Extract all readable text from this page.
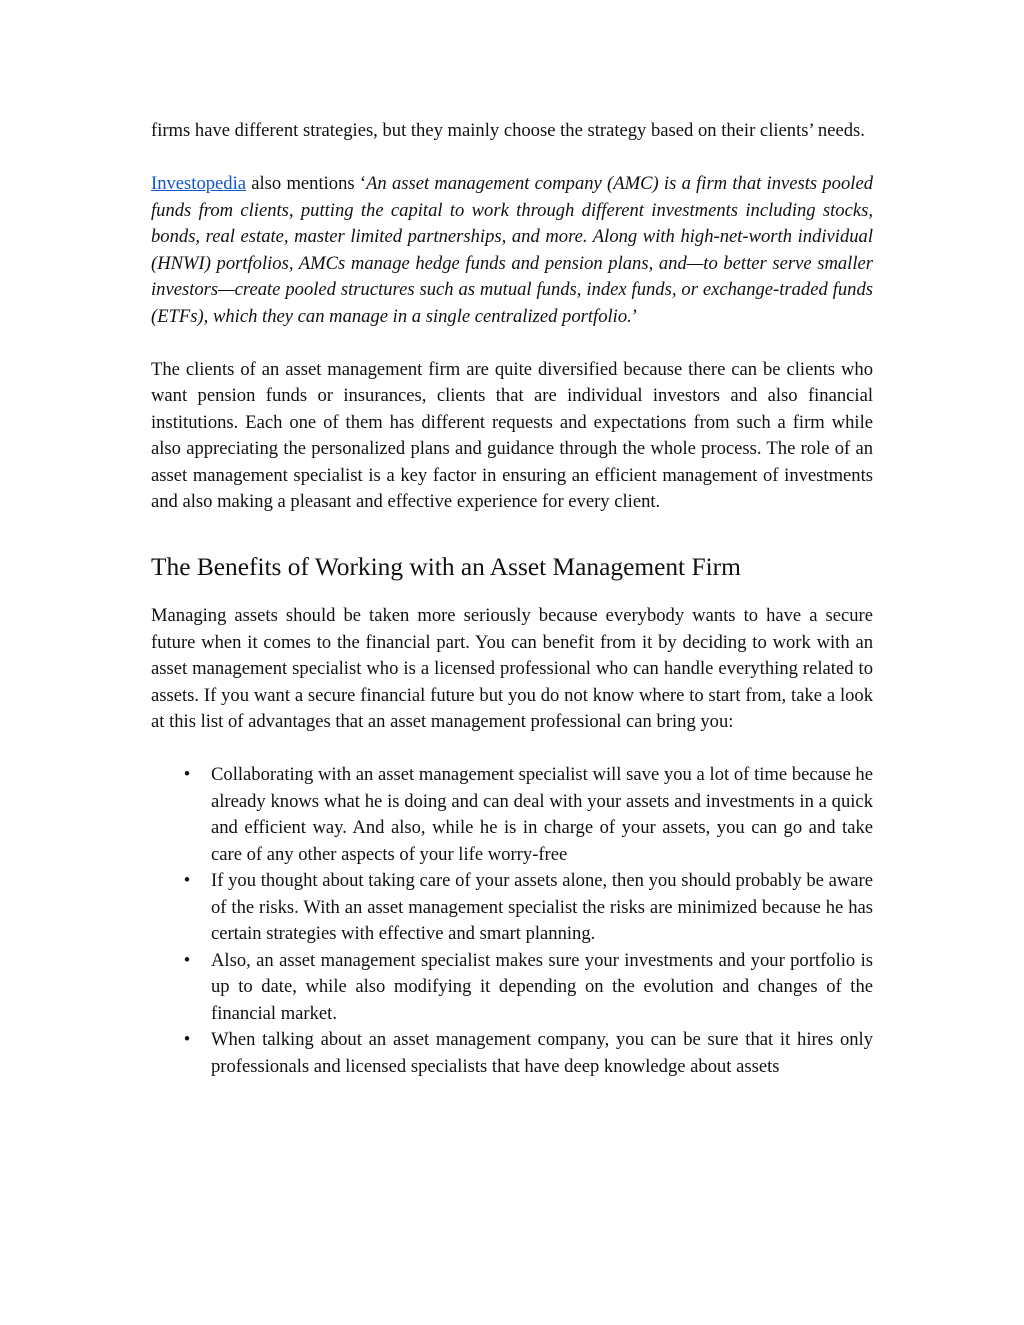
firms have different strategies, but they mainly choose the strategy based on their clients’ needs.

Investopedia also mentions ‘An asset management company (AMC) is a firm that invests pooled funds from clients, putting the capital to work through different investments including stocks, bonds, real estate, master limited partnerships, and more. Along with high-net-worth individual (HNWI) portfolios, AMCs manage hedge funds and pension plans, and—to better serve smaller investors—create pooled structures such as mutual funds, index funds, or exchange-traded funds (ETFs), which they can manage in a single centralized portfolio.’

The clients of an asset management firm are quite diversified because there can be clients who want pension funds or insurances, clients that are individual investors and also financial institutions. Each one of them has different requests and expectations from such a firm while also appreciating the personalized plans and guidance through the whole process. The role of an asset management specialist is a key factor in ensuring an efficient management of investments and also making a pleasant and effective experience for every client.

The Benefits of Working with an Asset Management Firm

Managing assets should be taken more seriously because everybody wants to have a secure future when it comes to the financial part. You can benefit from it by deciding to work with an asset management specialist who is a licensed professional who can handle everything related to assets. If you want a secure financial future but you do not know where to start from, take a look at this list of advantages that an asset management professional can bring you:

• Collaborating with an asset management specialist will save you a lot of time because he already knows what he is doing and can deal with your assets and investments in a quick and efficient way. And also, while he is in charge of your assets, you can go and take care of any other aspects of your life worry-free
• If you thought about taking care of your assets alone, then you should probably be aware of the risks. With an asset management specialist the risks are minimized because he has certain strategies with effective and smart planning.
• Also, an asset management specialist makes sure your investments and your portfolio is up to date, while also modifying it depending on the evolution and changes of the financial market.
• When talking about an asset management company, you can be sure that it hires only professionals and licensed specialists that have deep knowledge about assets
